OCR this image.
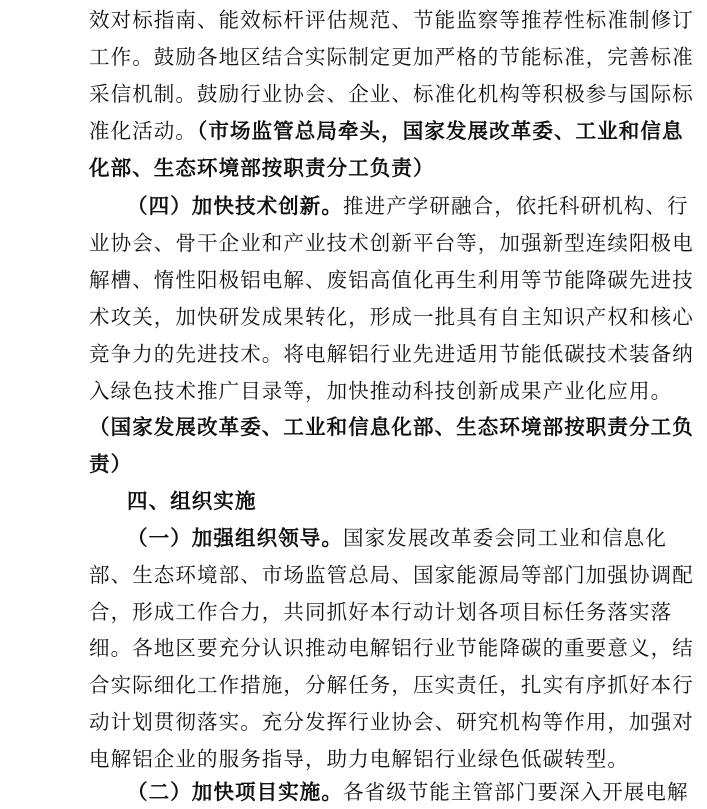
效对标指南、能效标杆评估规范、节能监察等推荐性标准制修订
工作。鼓励各地区结合实际制定更加严格的节能标准，完善标准
采信机制。鼓励行业协会、企业、标准化机构等积极参与国际标
准化活动。（市场监管总局牵头，国家发展改革委、工业和信息
化部、生态环境部按职责分工负责）
（四）加快技术创新。推进产学研融合，依托科研机构、行
业协会、骨干企业和产业技术创新平台等，加强新型连续阳极电
解槽、惰性阳极铝电解、废铝高值化再生利用等节能降碳先进技
术攻关，加快研发成果转化，形成一批具有自主知识产权和核心
竞争力的先进技术。将电解铝行业先进适用节能低碳技术装备纳
入绿色技术推广目录等，加快推动科技创新成果产业化应用。
（国家发展改革委、工业和信息化部、生态环境部按职责分工负
责）
四、组织实施
（一）加强组织领导。国家发展改革委会同工业和信息化
部、生态环境部、市场监管总局、国家能源局等部门加强协调配
合，形成工作合力，共同抓好本行动计划各项目标任务落实落
细。各地区要充分认识推动电解铝行业节能降碳的重要意义，结
合实际细化工作措施，分解任务，压实责任，扎实有序抓好本行
动计划贯彻落实。充分发挥行业协会、研究机构等作用，加强对
电解铝企业的服务指导，助力电解铝行业绿色低碳转型。
（二）加快项目实施。各省级节能主管部门要深入开展电解
